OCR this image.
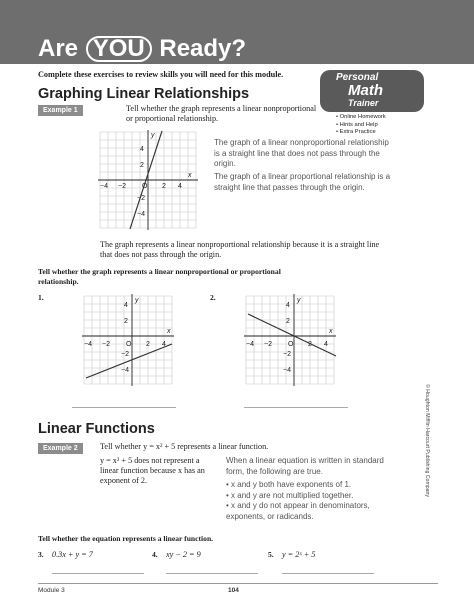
Are YOU Ready?
Complete these exercises to review skills you will need for this module.	Personal
Math
Trainer
• Online Homework
• Hints and Help
• Extra Practice
Graphing Linear Relationships
Example 1	Tell whether the graph represents a linear nonproportional
or proportional relationship.
x
y
−4 −2 O 2 4
4
2
−2
−4
The graph of a linear nonproportional relationship
is a straight line that does not pass through the
origin.
The graph of a linear proportional relationship is a
straight line that passes through the origin.
The graph represents a linear nonproportional relationship because it is a straight line
that does not pass through the origin.
Tell whether the graph represents a linear nonproportional or proportional
relationship.
1.	2.
x
y
−4 −2 O 2 4
4
2
−2
−4
x
y
−4 −2 O 2 4
4
2
−2
−4
© Houghton Mifflin Harcourt Publishing Company
Linear Functions
Example 2	Tell whether y = x² + 5 represents a linear function.
y = x² + 5 does not represent a
linear function because x has an
exponent of 2.
When a linear equation is written in standard
form, the following are true.
• x and y both have exponents of 1.
• x and y are not multiplied together.
• x and y do not appear in denominators,
exponents, or radicands.
Tell whether the equation represents a linear function.
3. 0.3x + y = 7	4. xy − 2 = 9	5. y = 2ˣ + 5
Module 3	104
